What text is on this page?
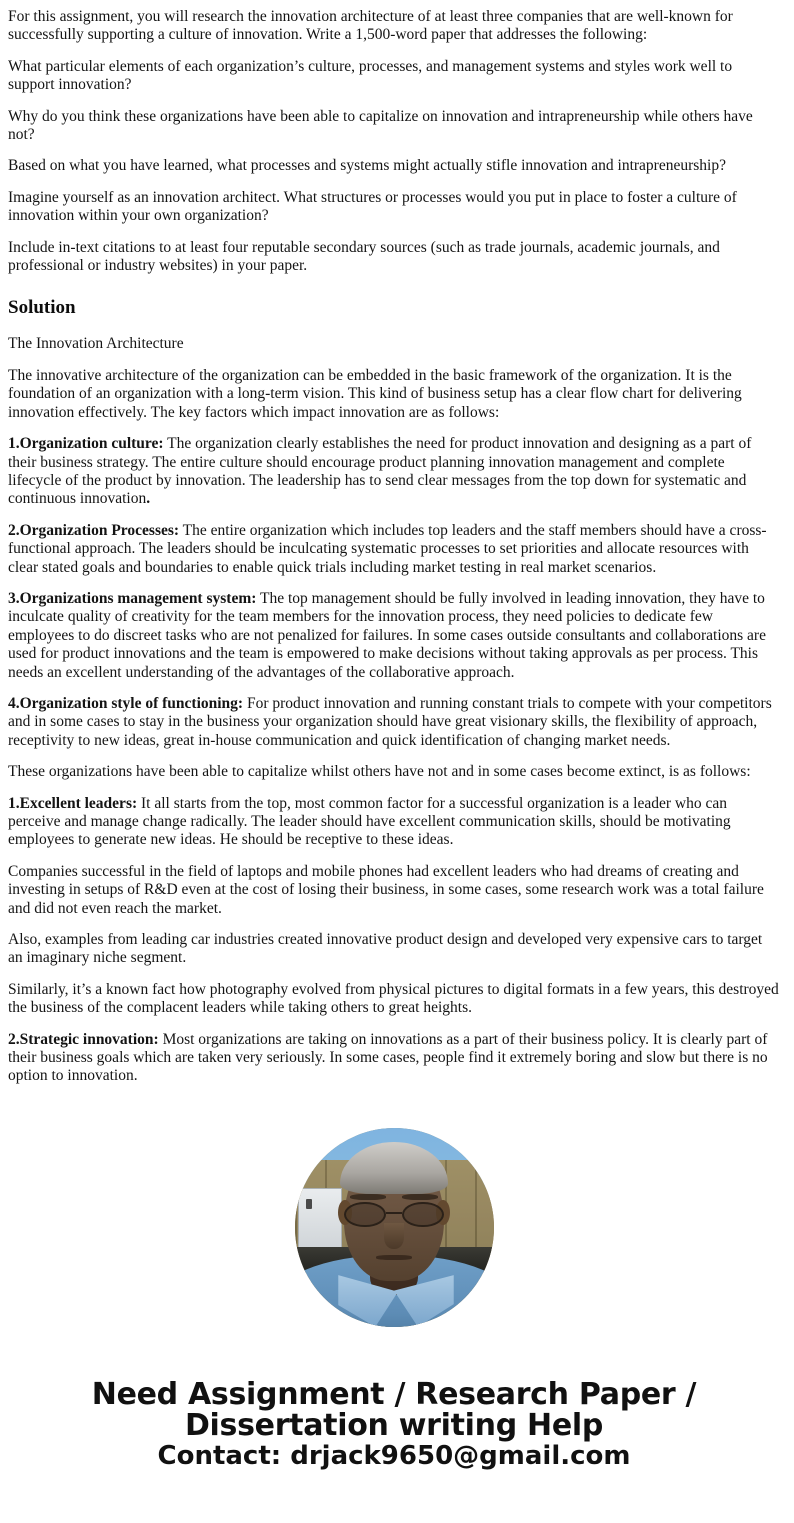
For this assignment, you will research the innovation architecture of at least three companies that are well-known for successfully supporting a culture of innovation. Write a 1,500-word paper that addresses the following:

What particular elements of each organization’s culture, processes, and management systems and styles work well to support innovation?

Why do you think these organizations have been able to capitalize on innovation and intrapreneurship while others have not?

Based on what you have learned, what processes and systems might actually stifle innovation and intrapreneurship?

Imagine yourself as an innovation architect. What structures or processes would you put in place to foster a culture of innovation within your own organization?

Include in-text citations to at least four reputable secondary sources (such as trade journals, academic journals, and professional or industry websites) in your paper.

Solution

The Innovation Architecture

The innovative architecture of the organization can be embedded in the basic framework of the organization. It is the foundation of an organization with a long-term vision. This kind of business setup has a clear flow chart for delivering innovation effectively. The key factors which impact innovation are as follows:

1.Organization culture: The organization clearly establishes the need for product innovation and designing as a part of their business strategy. The entire culture should encourage product planning innovation management and complete lifecycle of the product by innovation. The leadership has to send clear messages from the top down for systematic and continuous innovation.

2.Organization Processes: The entire organization which includes top leaders and the staff members should have a cross-functional approach. The leaders should be inculcating systematic processes to set priorities and allocate resources with clear stated goals and boundaries to enable quick trials including market testing in real market scenarios.

3.Organizations management system: The top management should be fully involved in leading innovation, they have to inculcate quality of creativity for the team members for the innovation process, they need policies to dedicate few employees to do discreet tasks who are not penalized for failures. In some cases outside consultants and collaborations are used for product innovations and the team is empowered to make decisions without taking approvals as per process. This needs an excellent understanding of the advantages of the collaborative approach.

4.Organization style of functioning: For product innovation and running constant trials to compete with your competitors and in some cases to stay in the business your organization should have great visionary skills, the flexibility of approach, receptivity to new ideas, great in-house communication and quick identification of changing market needs.

These organizations have been able to capitalize whilst others have not and in some cases become extinct, is as follows:

1.Excellent leaders: It all starts from the top, most common factor for a successful organization is a leader who can perceive and manage change radically. The leader should have excellent communication skills, should be motivating employees to generate new ideas. He should be receptive to these ideas.

Companies successful in the field of laptops and mobile phones had excellent leaders who had dreams of creating and investing in setups of R&D even at the cost of losing their business, in some cases, some research work was a total failure and did not even reach the market.

Also, examples from leading car industries created innovative product design and developed very expensive cars to target an imaginary niche segment.

Similarly, it’s a known fact how photography evolved from physical pictures to digital formats in a few years, this destroyed the business of the complacent leaders while taking others to great heights.

2.Strategic innovation: Most organizations are taking on innovations as a part of their business policy. It is clearly part of their business goals which are taken very seriously. In some cases, people find it extremely boring and slow but there is no option to innovation.

Need Assignment / Research Paper / Dissertation writing Help
Contact: drjack9650@gmail.com
